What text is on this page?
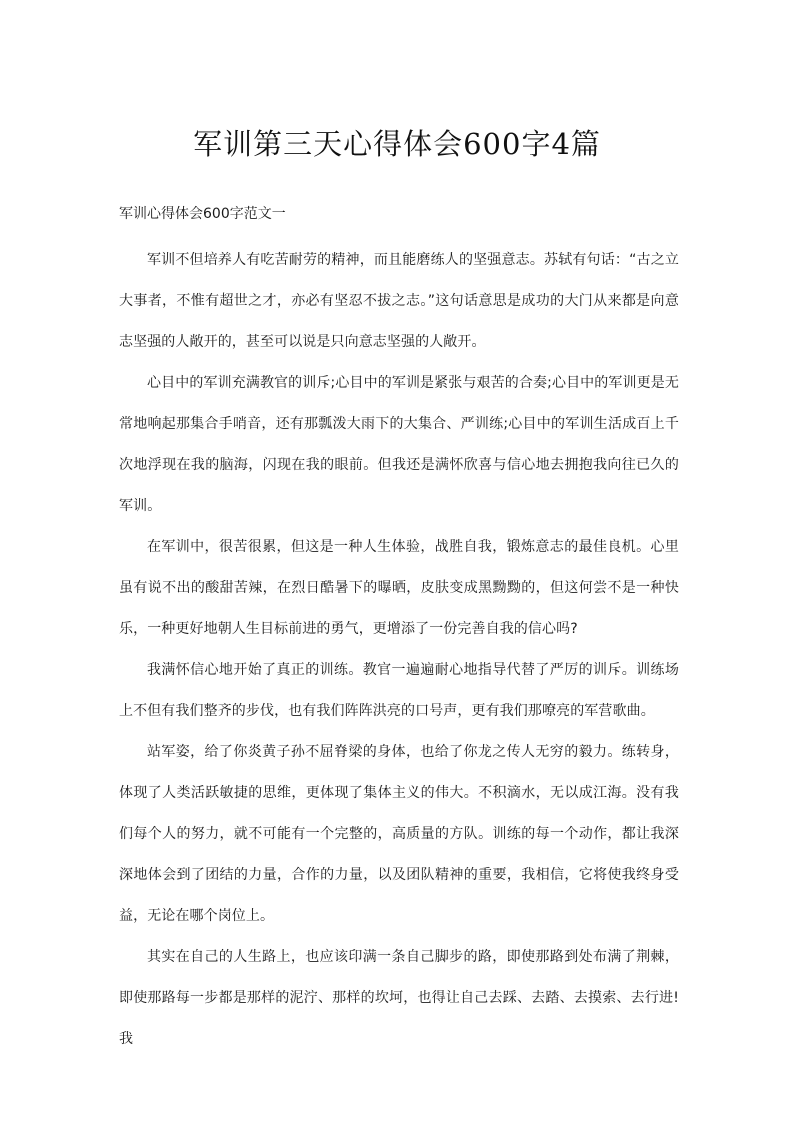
军训第三天心得体会600字4篇

军训心得体会600字范文一

军训不但培养人有吃苦耐劳的精神，而且能磨练人的坚强意志。苏轼有句话：“古之立大事者，不惟有超世之才，亦必有坚忍不拔之志。”这句话意思是成功的大门从来都是向意志坚强的人敞开的，甚至可以说是只向意志坚强的人敞开。

心目中的军训充满教官的训斥;心目中的军训是紧张与艰苦的合奏;心目中的军训更是无常地响起那集合手哨音，还有那瓢泼大雨下的大集合、严训练;心目中的军训生活成百上千次地浮现在我的脑海，闪现在我的眼前。但我还是满怀欣喜与信心地去拥抱我向往已久的军训。

在军训中，很苦很累，但这是一种人生体验，战胜自我，锻炼意志的最佳良机。心里虽有说不出的酸甜苦辣，在烈日酷暑下的曝晒，皮肤变成黑黝黝的，但这何尝不是一种快乐，一种更好地朝人生目标前进的勇气，更增添了一份完善自我的信心吗?

我满怀信心地开始了真正的训练。教官一遍遍耐心地指导代替了严厉的训斥。训练场上不但有我们整齐的步伐，也有我们阵阵洪亮的口号声，更有我们那嘹亮的军营歌曲。

站军姿，给了你炎黄子孙不屈脊梁的身体，也给了你龙之传人无穷的毅力。练转身，体现了人类活跃敏捷的思维，更体现了集体主义的伟大。不积滴水，无以成江海。没有我们每个人的努力，就不可能有一个完整的，高质量的方队。训练的每一个动作，都让我深深地体会到了团结的力量，合作的力量，以及团队精神的重要，我相信，它将使我终身受益，无论在哪个岗位上。

其实在自己的人生路上，也应该印满一条自己脚步的路，即使那路到处布满了荆棘，即使那路每一步都是那样的泥泞、那样的坎坷，也得让自己去踩、去踏、去摸索、去行进!我
